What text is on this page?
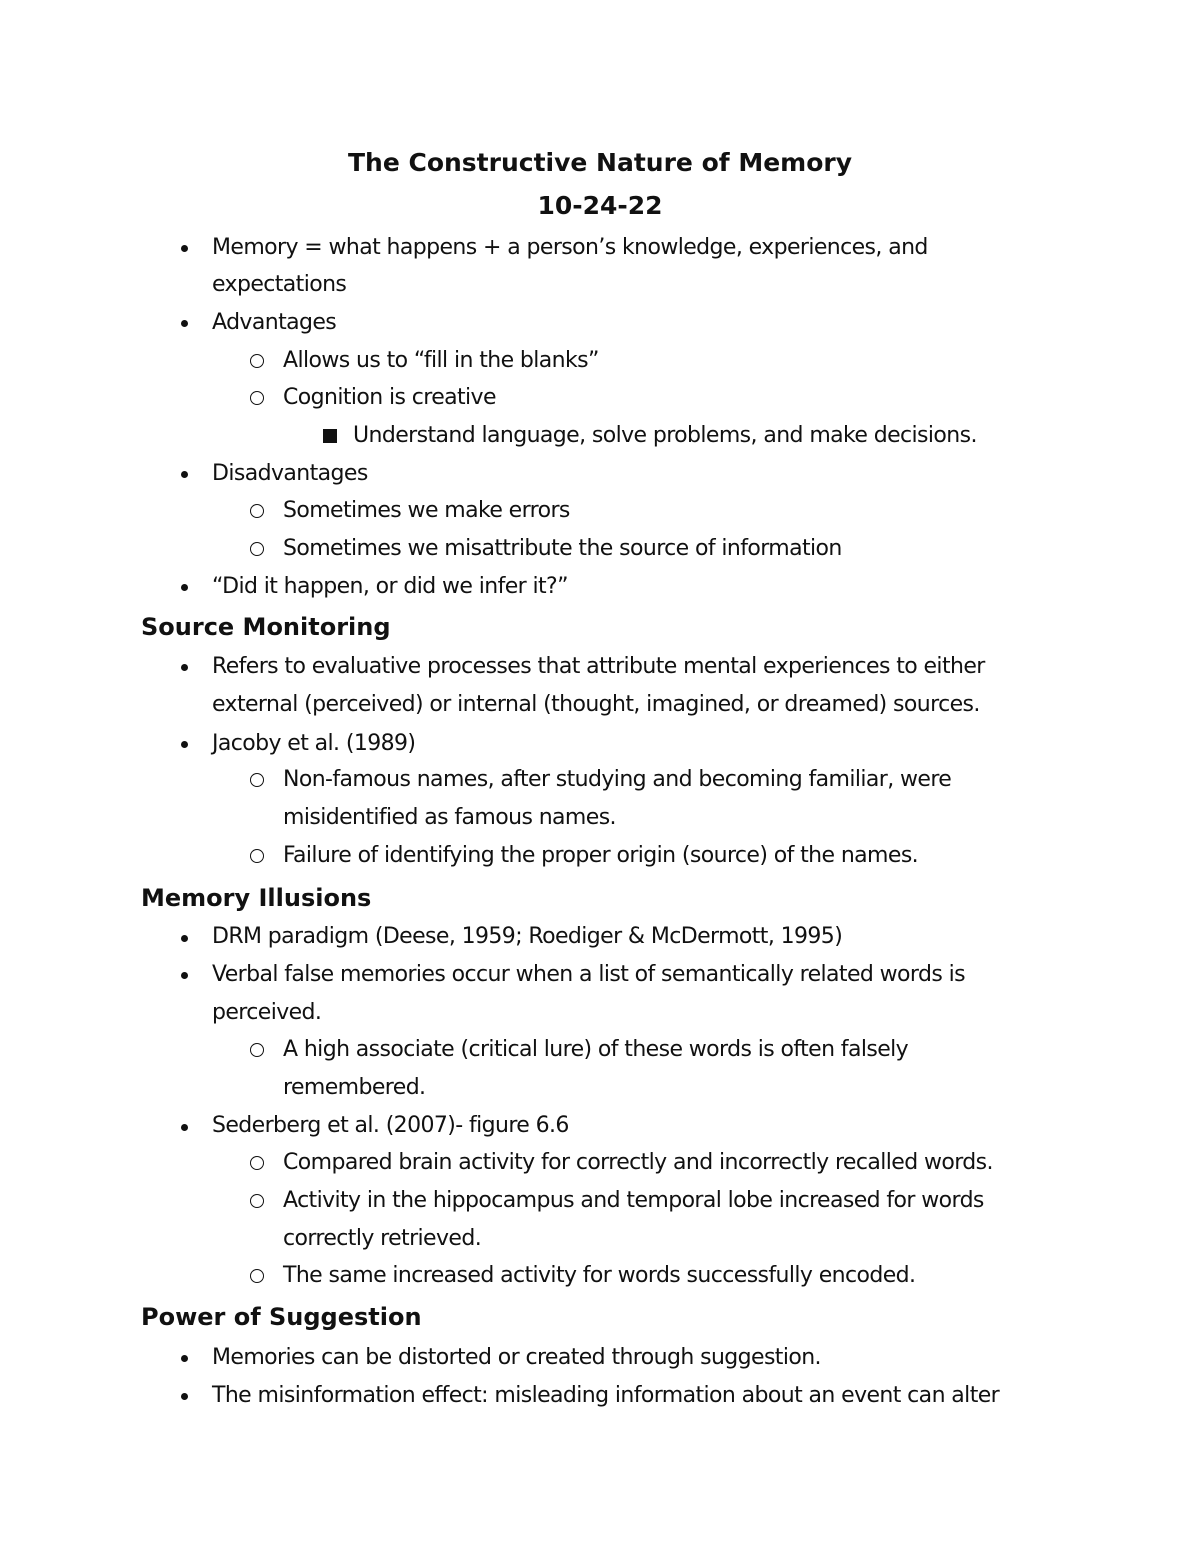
The Constructive Nature of Memory
10-24-22
Memory = what happens + a person’s knowledge, experiences, and
expectations
Advantages
Allows us to “fill in the blanks”
Cognition is creative
Understand language, solve problems, and make decisions.
Disadvantages
Sometimes we make errors
Sometimes we misattribute the source of information
“Did it happen, or did we infer it?”
Source Monitoring
Refers to evaluative processes that attribute mental experiences to either
external (perceived) or internal (thought, imagined, or dreamed) sources.
Jacoby et al. (1989)
Non-famous names, after studying and becoming familiar, were
misidentified as famous names.
Failure of identifying the proper origin (source) of the names.
Memory Illusions
DRM paradigm (Deese, 1959; Roediger & McDermott, 1995)
Verbal false memories occur when a list of semantically related words is
perceived.
A high associate (critical lure) of these words is often falsely
remembered.
Sederberg et al. (2007)- figure 6.6
Compared brain activity for correctly and incorrectly recalled words.
Activity in the hippocampus and temporal lobe increased for words
correctly retrieved.
The same increased activity for words successfully encoded.
Power of Suggestion
Memories can be distorted or created through suggestion.
The misinformation effect: misleading information about an event can alter
